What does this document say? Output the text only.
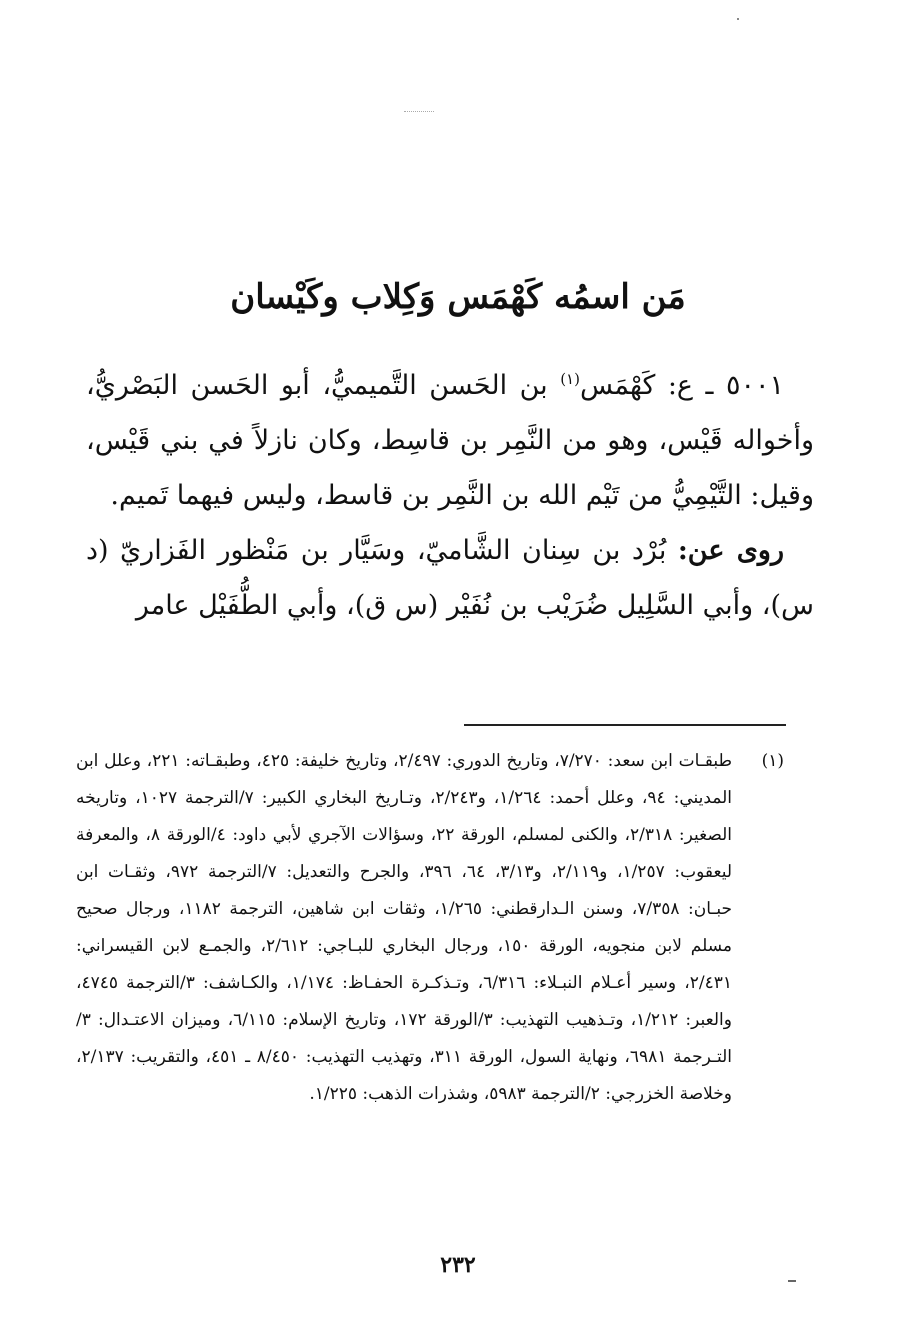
مَن اسمُه كَهْمَس وَكِلاب وكَيْسان

٥٠٠١ ـ ع: كَهْمَس$^{(١)}$ بن الحَسن التَّميميُّ، أبو الحَسن البَصْريُّ، وأخواله قَيْس، وهو من النَّمِر بن قاسِط، وكان نازلاً في بني قَيْس، وقيل: التَّيْمِيُّ من تَيْم الله بن النَّمِر بن قاسط، وليس فيهما تَميم.

روى عن: بُرْد بن سِنان الشَّاميّ، وسَيَّار بن مَنْظور الفَزاريّ (د س)، وأبي السَّلِيل ضُرَيْب بن نُفَيْر (س ق)، وأبي الطُّفَيْل عامر

(١)
طبقـات ابن سعد: ٧/٢٧٠، وتاريخ الدوري: ٢/٤٩٧، وتاريخ خليفة: ٤٢٥، وطبقـاته: ٢٢١، وعلل ابن المديني: ٩٤، وعلل أحمد: ١/٢٦٤، و٢/٢٤٣، وتـاريخ البخاري الكبير: ٧/الترجمة ١٠٢٧، وتاريخه الصغير: ٢/٣١٨، والكنى لمسلم، الورقة ٢٢، وسؤالات الآجري لأبي داود: ٤/الورقة ٨، والمعرفة ليعقوب: ١/٢٥٧، و٢/١١٩، و٣/١٣، ٦٤، ٣٩٦، والجرح والتعديل: ٧/الترجمة ٩٧٢، وثقـات ابن حبـان: ٧/٣٥٨، وسنن الـدارقطني: ١/٢٦٥، وثقات ابن شاهين، الترجمة ١١٨٢، ورجال صحيح مسلم لابن منجويه، الورقة ١٥٠، ورجال البخاري للبـاجي: ٢/٦١٢، والجمـع لابن القيسراني: ٢/٤٣١، وسير أعـلام النبـلاء: ٦/٣١٦، وتـذكـرة الحفـاظ: ١/١٧٤، والكـاشف: ٣/الترجمة ٤٧٤٥، والعبر: ١/٢١٢، وتـذهيب التهذيب: ٣/الورقة ١٧٢، وتاريخ الإسلام: ٦/١١٥، وميزان الاعتـدال: ٣/التـرجمة ٦٩٨١، ونهاية السول، الورقة ٣١١، وتهذيب التهذيب: ٨/٤٥٠ ـ ٤٥١، والتقريب: ٢/١٣٧، وخلاصة الخزرجي: ٢/الترجمة ٥٩٨٣، وشذرات الذهب: ١/٢٢٥.
٢٣٢
